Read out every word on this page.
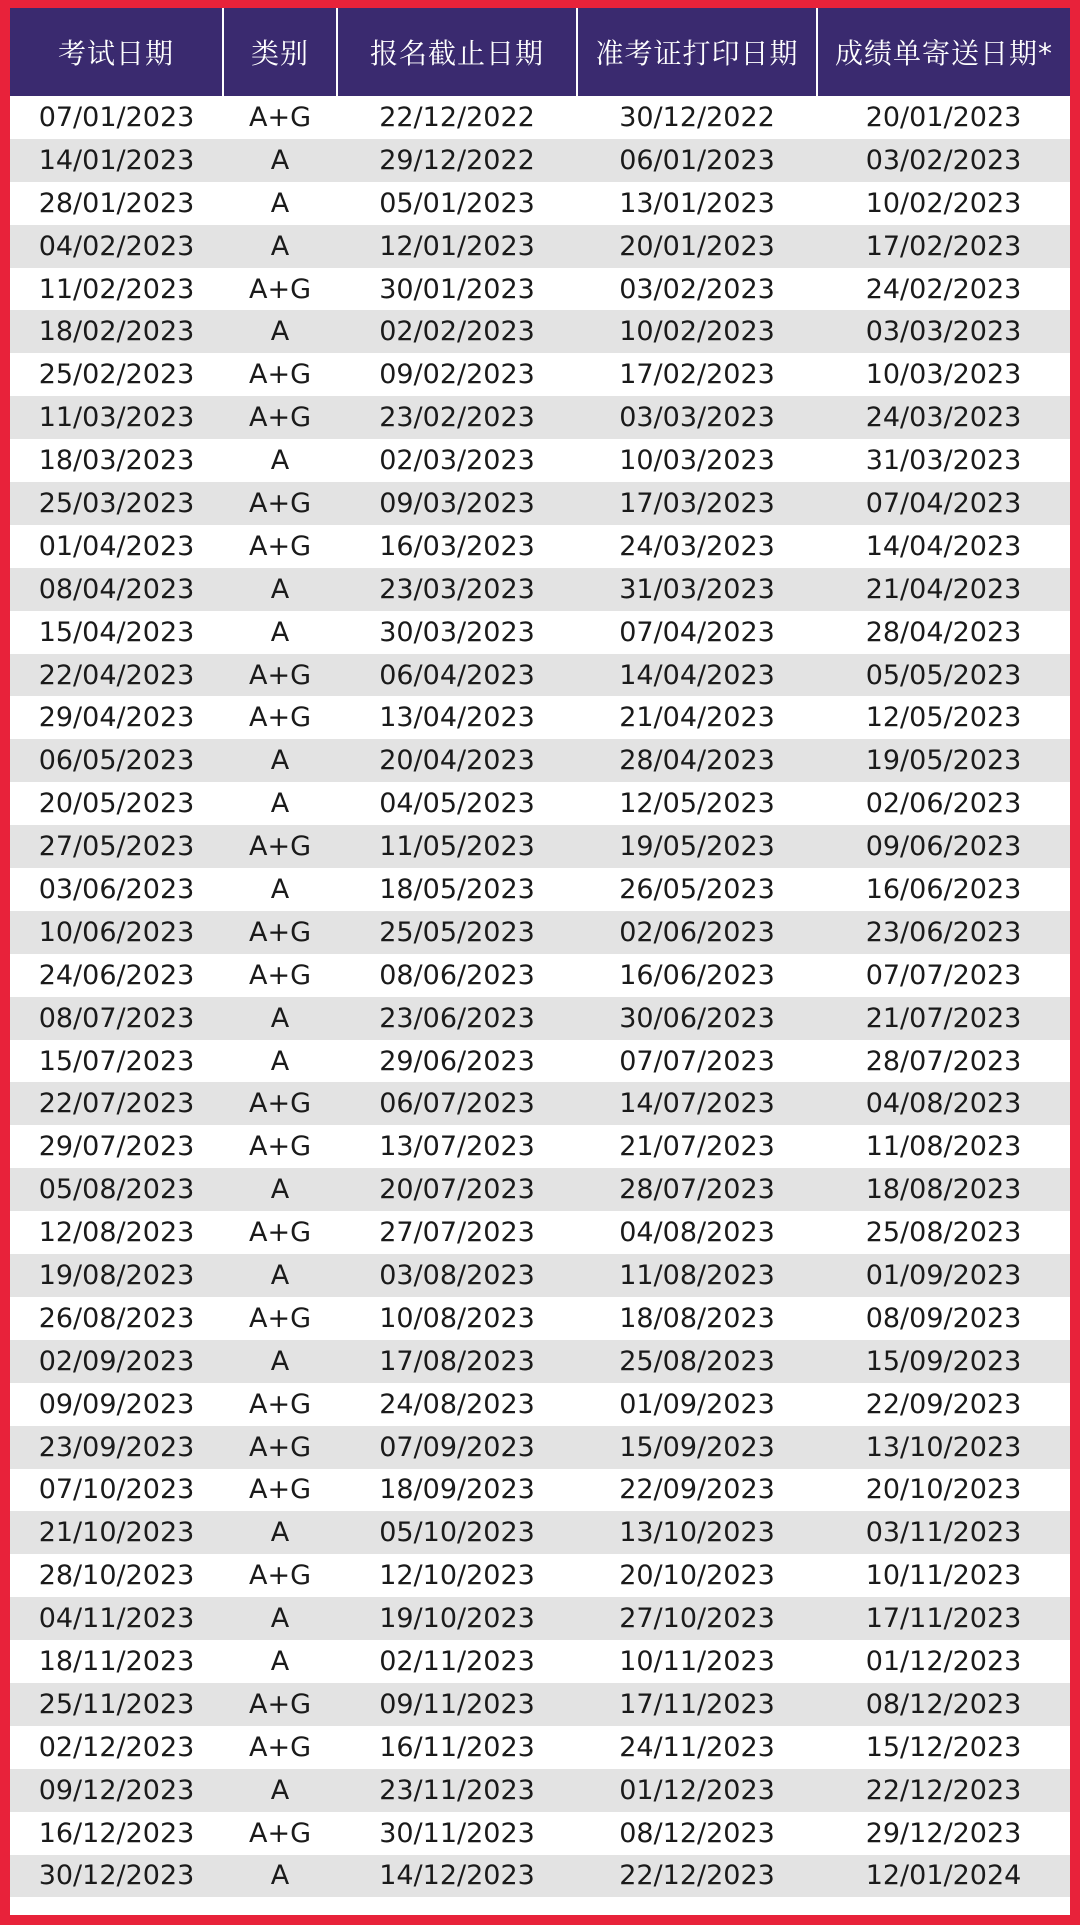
考试日期	类别	报名截止日期	准考证打印日期	成绩单寄送日期*
07/01/2023	A+G	22/12/2022	30/12/2022	20/01/2023
14/01/2023	A	29/12/2022	06/01/2023	03/02/2023
28/01/2023	A	05/01/2023	13/01/2023	10/02/2023
04/02/2023	A	12/01/2023	20/01/2023	17/02/2023
11/02/2023	A+G	30/01/2023	03/02/2023	24/02/2023
18/02/2023	A	02/02/2023	10/02/2023	03/03/2023
25/02/2023	A+G	09/02/2023	17/02/2023	10/03/2023
11/03/2023	A+G	23/02/2023	03/03/2023	24/03/2023
18/03/2023	A	02/03/2023	10/03/2023	31/03/2023
25/03/2023	A+G	09/03/2023	17/03/2023	07/04/2023
01/04/2023	A+G	16/03/2023	24/03/2023	14/04/2023
08/04/2023	A	23/03/2023	31/03/2023	21/04/2023
15/04/2023	A	30/03/2023	07/04/2023	28/04/2023
22/04/2023	A+G	06/04/2023	14/04/2023	05/05/2023
29/04/2023	A+G	13/04/2023	21/04/2023	12/05/2023
06/05/2023	A	20/04/2023	28/04/2023	19/05/2023
20/05/2023	A	04/05/2023	12/05/2023	02/06/2023
27/05/2023	A+G	11/05/2023	19/05/2023	09/06/2023
03/06/2023	A	18/05/2023	26/05/2023	16/06/2023
10/06/2023	A+G	25/05/2023	02/06/2023	23/06/2023
24/06/2023	A+G	08/06/2023	16/06/2023	07/07/2023
08/07/2023	A	23/06/2023	30/06/2023	21/07/2023
15/07/2023	A	29/06/2023	07/07/2023	28/07/2023
22/07/2023	A+G	06/07/2023	14/07/2023	04/08/2023
29/07/2023	A+G	13/07/2023	21/07/2023	11/08/2023
05/08/2023	A	20/07/2023	28/07/2023	18/08/2023
12/08/2023	A+G	27/07/2023	04/08/2023	25/08/2023
19/08/2023	A	03/08/2023	11/08/2023	01/09/2023
26/08/2023	A+G	10/08/2023	18/08/2023	08/09/2023
02/09/2023	A	17/08/2023	25/08/2023	15/09/2023
09/09/2023	A+G	24/08/2023	01/09/2023	22/09/2023
23/09/2023	A+G	07/09/2023	15/09/2023	13/10/2023
07/10/2023	A+G	18/09/2023	22/09/2023	20/10/2023
21/10/2023	A	05/10/2023	13/10/2023	03/11/2023
28/10/2023	A+G	12/10/2023	20/10/2023	10/11/2023
04/11/2023	A	19/10/2023	27/10/2023	17/11/2023
18/11/2023	A	02/11/2023	10/11/2023	01/12/2023
25/11/2023	A+G	09/11/2023	17/11/2023	08/12/2023
02/12/2023	A+G	16/11/2023	24/11/2023	15/12/2023
09/12/2023	A	23/11/2023	01/12/2023	22/12/2023
16/12/2023	A+G	30/11/2023	08/12/2023	29/12/2023
30/12/2023	A	14/12/2023	22/12/2023	12/01/2024
